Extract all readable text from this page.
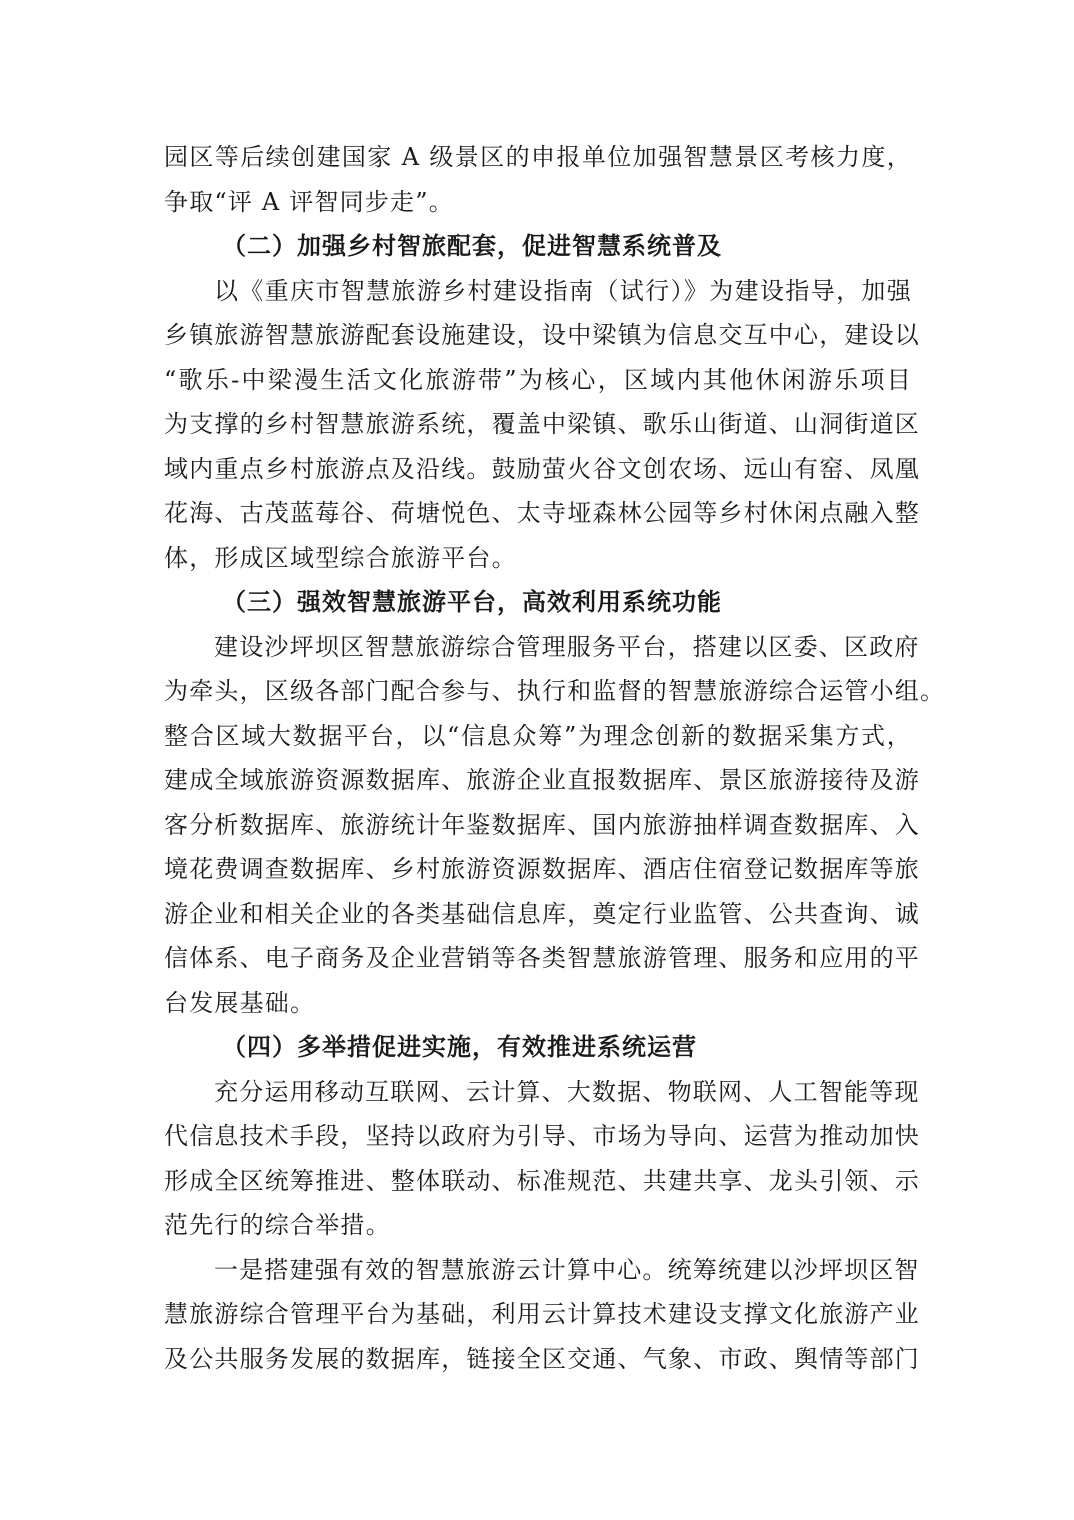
园区等后续创建国家 A 级景区的申报单位加强智慧景区考核力度，
争取“评 A 评智同步走”。
（二）加强乡村智旅配套，促进智慧系统普及
以《重庆市智慧旅游乡村建设指南（试行）》为建设指导，加强
乡镇旅游智慧旅游配套设施建设，设中梁镇为信息交互中心，建设以
“歌乐-中梁漫生活文化旅游带”为核心，区域内其他休闲游乐项目
为支撑的乡村智慧旅游系统，覆盖中梁镇、歌乐山街道、山洞街道区
域内重点乡村旅游点及沿线。鼓励萤火谷文创农场、远山有窑、凤凰
花海、古茂蓝莓谷、荷塘悦色、太寺垭森林公园等乡村休闲点融入整
体，形成区域型综合旅游平台。
（三）强效智慧旅游平台，高效利用系统功能
建设沙坪坝区智慧旅游综合管理服务平台，搭建以区委、区政府
为牵头，区级各部门配合参与、执行和监督的智慧旅游综合运管小组。
整合区域大数据平台，以“信息众筹”为理念创新的数据采集方式，
建成全域旅游资源数据库、旅游企业直报数据库、景区旅游接待及游
客分析数据库、旅游统计年鉴数据库、国内旅游抽样调查数据库、入
境花费调查数据库、乡村旅游资源数据库、酒店住宿登记数据库等旅
游企业和相关企业的各类基础信息库，奠定行业监管、公共查询、诚
信体系、电子商务及企业营销等各类智慧旅游管理、服务和应用的平
台发展基础。
（四）多举措促进实施，有效推进系统运营
充分运用移动互联网、云计算、大数据、物联网、人工智能等现
代信息技术手段，坚持以政府为引导、市场为导向、运营为推动加快
形成全区统筹推进、整体联动、标准规范、共建共享、龙头引领、示
范先行的综合举措。
一是搭建强有效的智慧旅游云计算中心。统筹统建以沙坪坝区智
慧旅游综合管理平台为基础，利用云计算技术建设支撑文化旅游产业
及公共服务发展的数据库，链接全区交通、气象、市政、舆情等部门
